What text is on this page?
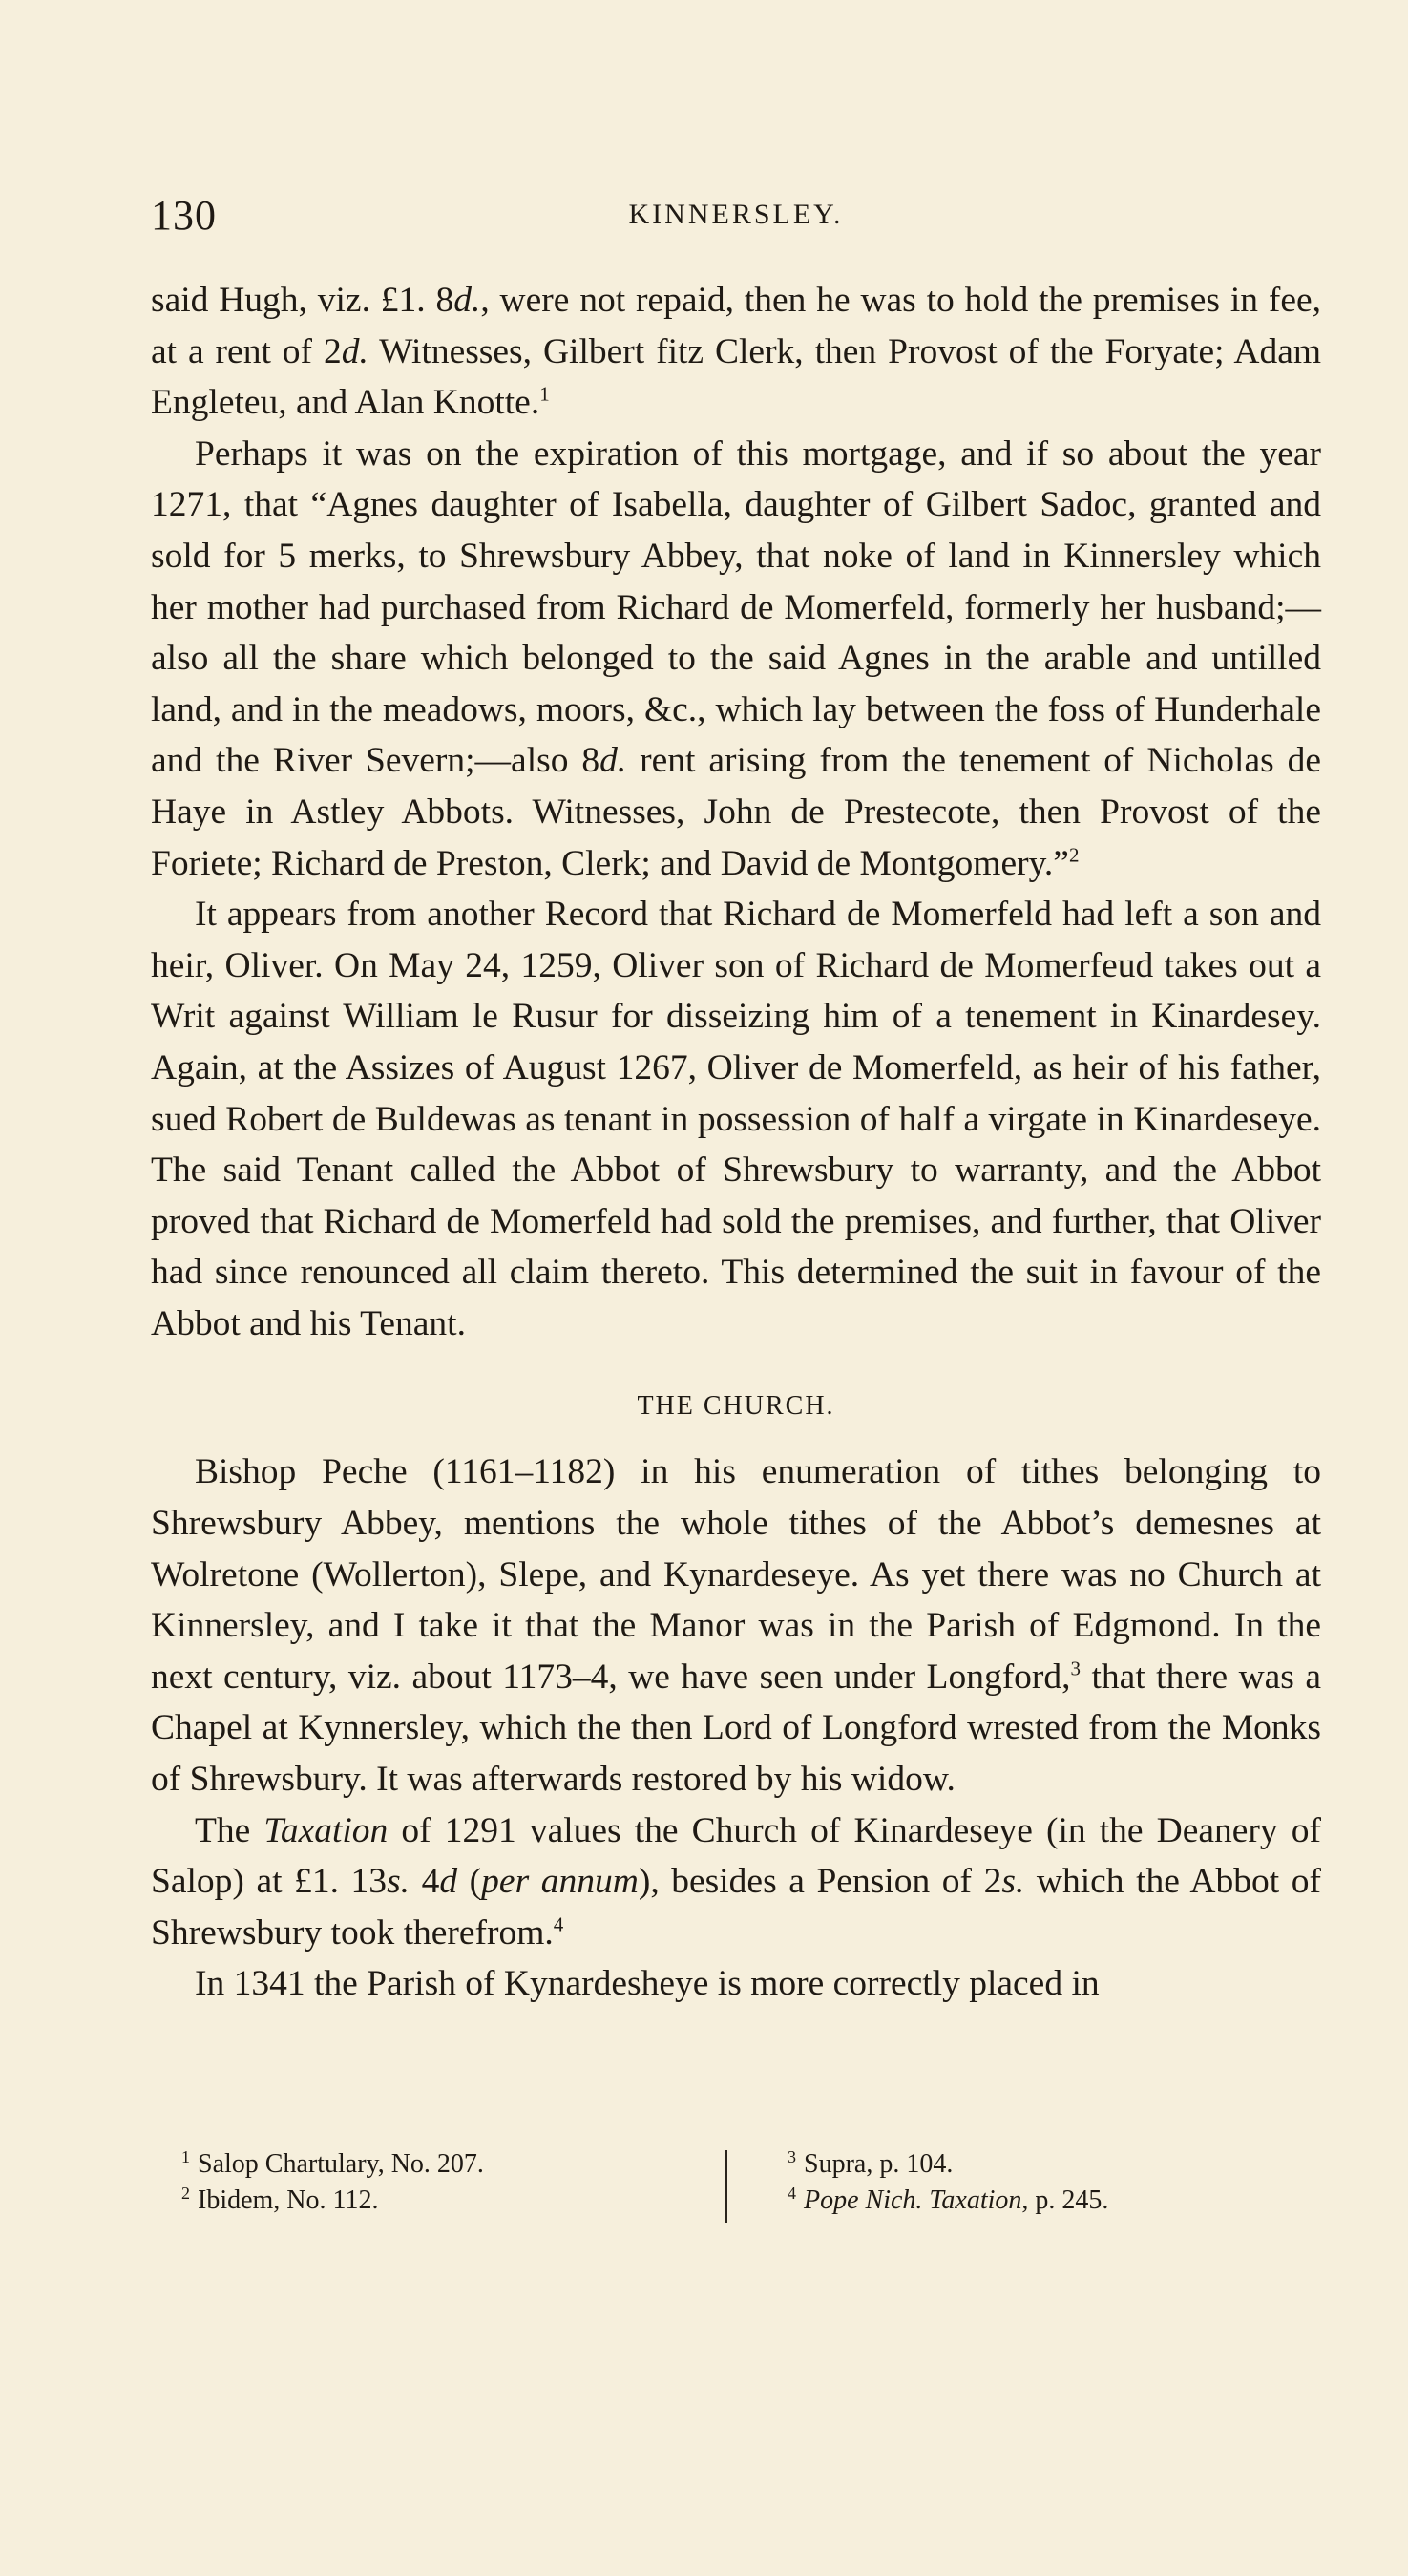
130	KINNERSLEY.

said Hugh, viz. £1. 8d., were not repaid, then he was to hold the premises in fee, at a rent of 2d. Witnesses, Gilbert fitz Clerk, then Provost of the Foryate; Adam Engleteu, and Alan Knotte.$^1$

Perhaps it was on the expiration of this mortgage, and if so about the year 1271, that “Agnes daughter of Isabella, daughter of Gilbert Sadoc, granted and sold for 5 merks, to Shrewsbury Abbey, that noke of land in Kinnersley which her mother had purchased from Richard de Momerfeld, formerly her husband;—also all the share which belonged to the said Agnes in the arable and untilled land, and in the meadows, moors, &c., which lay between the foss of Hunderhale and the River Severn;—also 8d. rent arising from the tenement of Nicholas de Haye in Astley Abbots. Witnesses, John de Prestecote, then Provost of the Foriete; Richard de Preston, Clerk; and David de Montgomery.”$^2$

It appears from another Record that Richard de Momerfeld had left a son and heir, Oliver. On May 24, 1259, Oliver son of Richard de Momerfeud takes out a Writ against William le Rusur for disseizing him of a tenement in Kinardesey. Again, at the Assizes of August 1267, Oliver de Momerfeld, as heir of his father, sued Robert de Buldewas as tenant in possession of half a virgate in Kinardeseye. The said Tenant called the Abbot of Shrewsbury to warranty, and the Abbot proved that Richard de Momerfeld had sold the premises, and further, that Oliver had since renounced all claim thereto. This determined the suit in favour of the Abbot and his Tenant.

THE CHURCH.

Bishop Peche (1161–1182) in his enumeration of tithes belonging to Shrewsbury Abbey, mentions the whole tithes of the Abbot’s demesnes at Wolretone (Wollerton), Slepe, and Kynardeseye. As yet there was no Church at Kinnersley, and I take it that the Manor was in the Parish of Edgmond. In the next century, viz. about 1173–4, we have seen under Longford,$^3$ that there was a Chapel at Kynnersley, which the then Lord of Longford wrested from the Monks of Shrewsbury. It was afterwards restored by his widow.

The Taxation of 1291 values the Church of Kinardeseye (in the Deanery of Salop) at £1. 13s. 4d (per annum), besides a Pension of 2s. which the Abbot of Shrewsbury took therefrom.$^4$

In 1341 the Parish of Kynardesheye is more correctly placed in

$^1$ Salop Chartulary, No. 207.
$^2$ Ibidem, No. 112.
$^3$ Supra, p. 104.
$^4$ Pope Nich. Taxation, p. 245.
